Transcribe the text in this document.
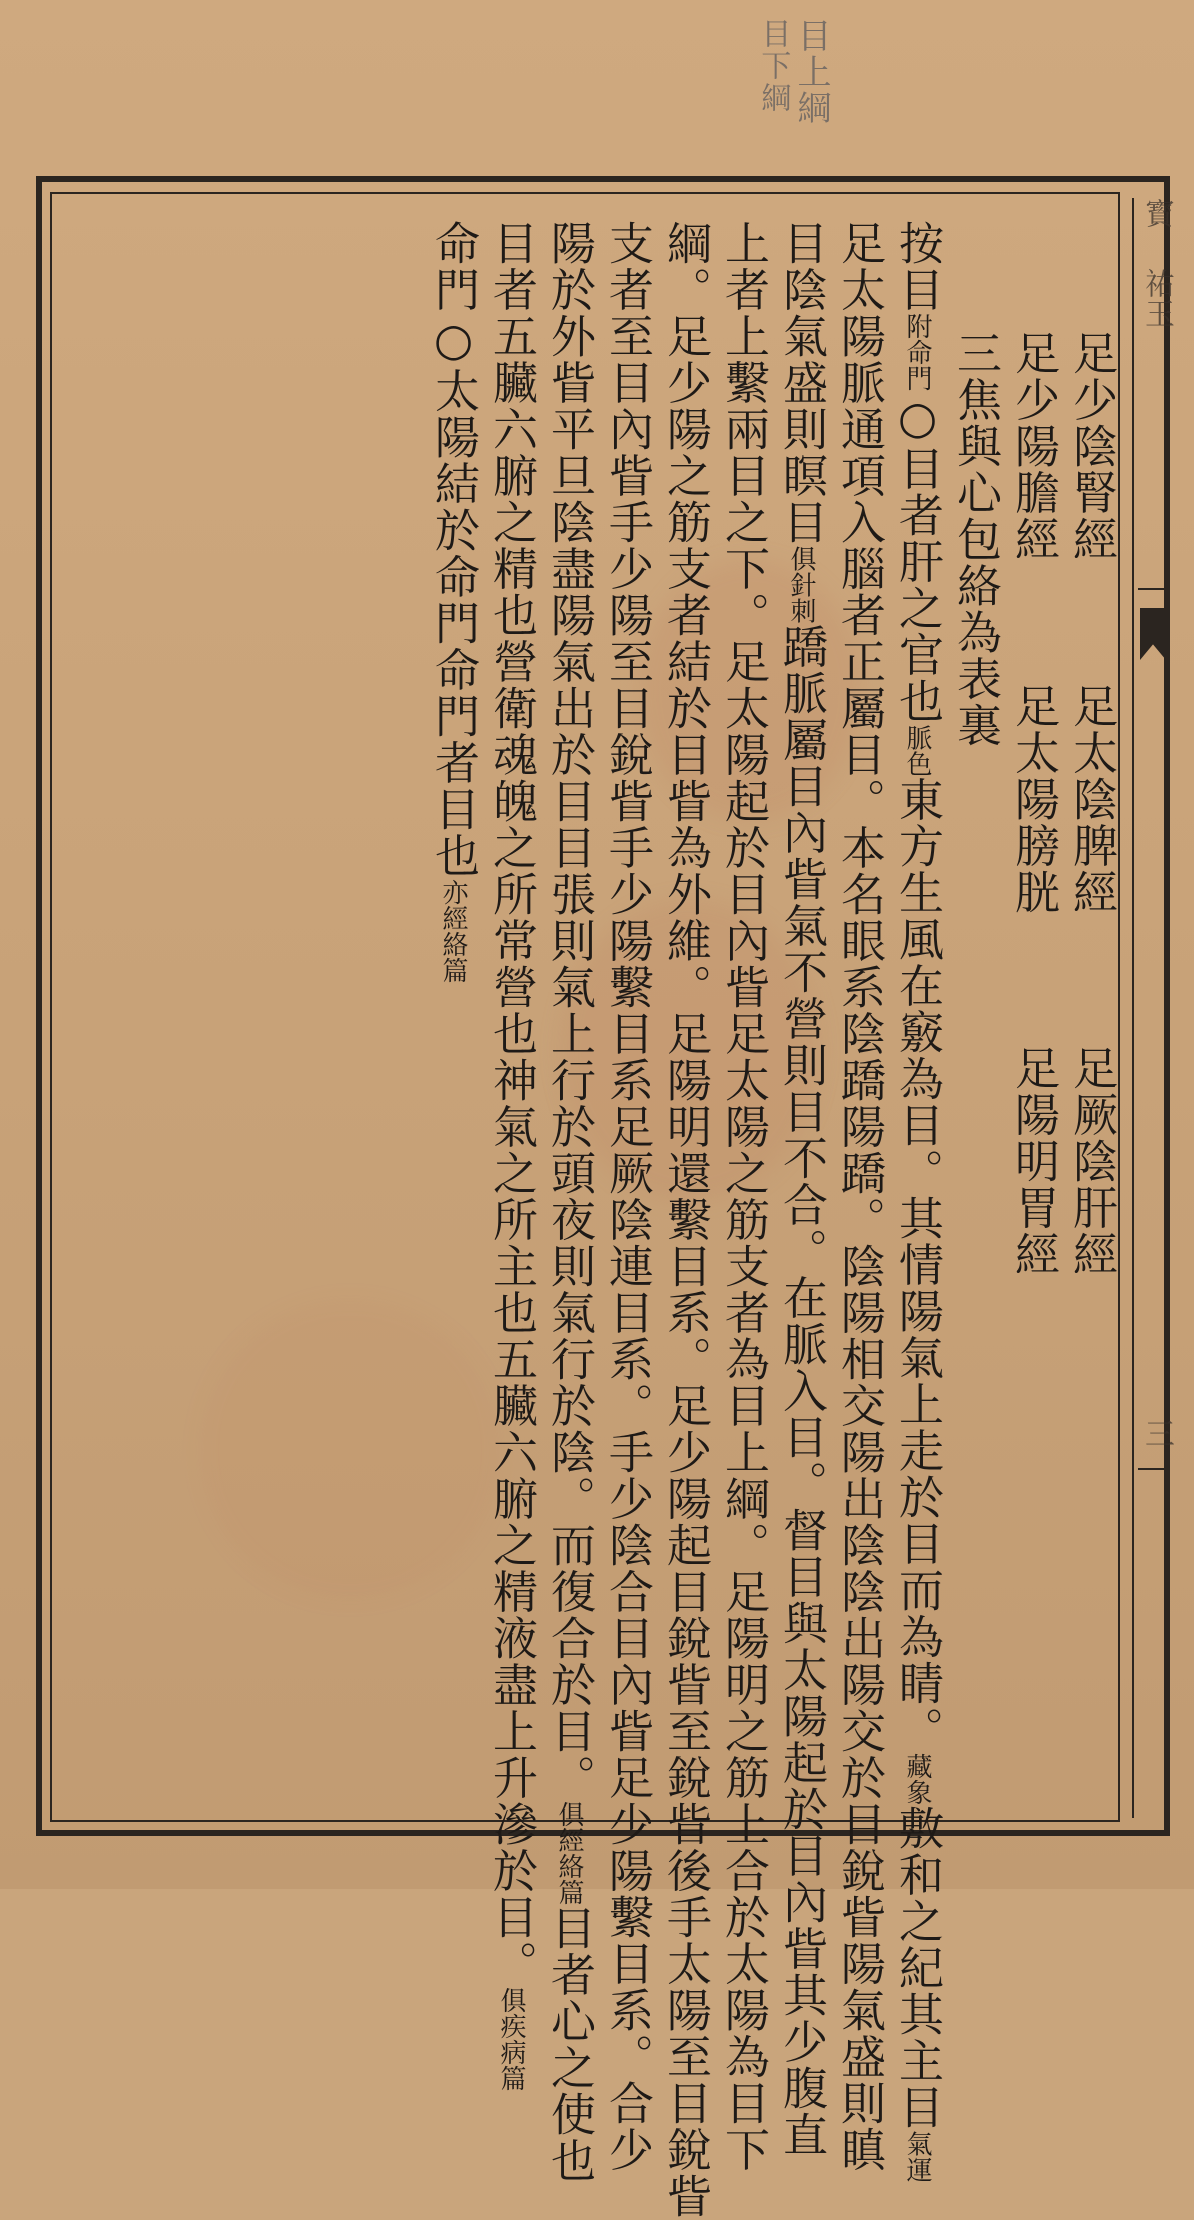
目上綱
目下綱
寳
祐玉
三

足少陰腎經足太陰脾經足厥陰肝經

足少陽膽經足太陽膀胱足陽明胃經

三焦與心包絡為表裏

按目附命門○目者肝之官也脈色東方生風在竅為目。其情陽氣上走於目而為睛。藏象敷和之紀其主目氣運

足太陽脈通項入腦者正屬目。本名眼系陰蹻陽蹻。陰陽相交陽出陰陰出陽交於目銳眥陽氣盛則瞋

目陰氣盛則瞑目俱針刺蹻脈屬目內眥氣不營則目不合。在脈入目。督目與太陽起於目內眥其少腹直

上者上繫兩目之下。足太陽起於目內眥足太陽之筋支者為目上綱。足陽明之筋上合於太陽為目下

綱。足少陽之筋支者結於目眥為外維。足陽明還繫目系。足少陽起目銳眥至銳眥後手太陽至目銳眥

支者至目內眥手少陽至目銳眥手少陽繫目系足厥陰連目系。手少陰合目內眥足少陽繫目系。合少

陽於外眥平旦陰盡陽氣出於目目張則氣上行於頭夜則氣行於陰。而復合於目。俱經絡篇目者心之使也

目者五臟六腑之精也營衛魂魄之所常營也神氣之所主也五臟六腑之精液盡上升滲於目。俱疾病篇

命門○太陽結於命門命門者目也亦經絡篇
